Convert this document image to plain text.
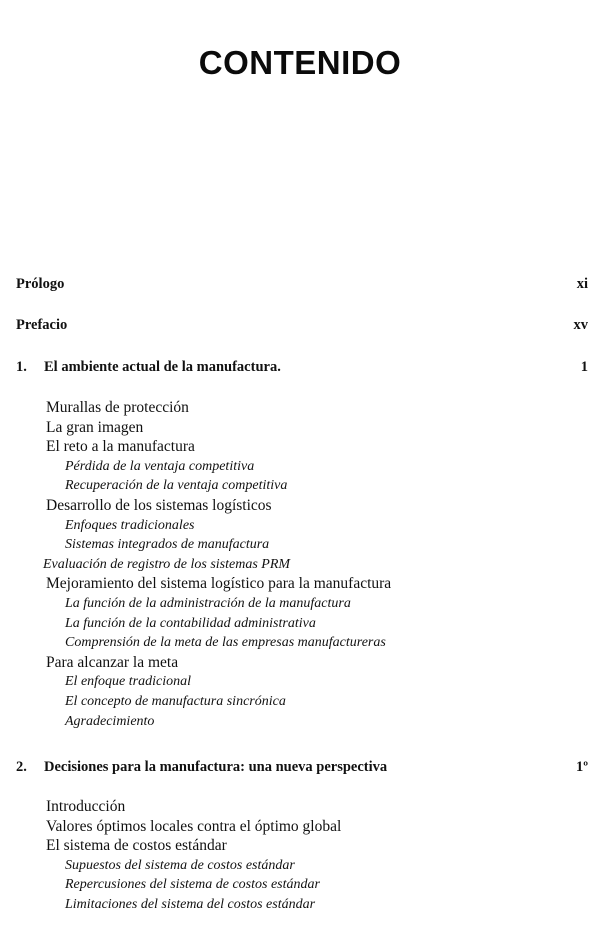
CONTENIDO
Prólogo	xi
Prefacio	xv
1. El ambiente actual de la manufactura.	1
Murallas de protección
La gran imagen
El reto a la manufactura
Pérdida de la ventaja competitiva
Recuperación de la ventaja competitiva
Desarrollo de los sistemas logísticos
Enfoques tradicionales
Sistemas integrados de manufactura
Evaluación de registro de los sistemas PRM
Mejoramiento del sistema logístico para la manufactura
La función de la administración de la manufactura
La función de la contabilidad administrativa
Comprensión de la meta de las empresas manufactureras
Para alcanzar la meta
El enfoque tradicional
El concepto de manufactura sincrónica
Agradecimiento
2. Decisiones para la manufactura: una nueva perspectiva	1º
Introducción
Valores óptimos locales contra el óptimo global
El sistema de costos estándar
Supuestos del sistema de costos estándar
Repercusiones del sistema de costos estándar
Limitaciones del sistema del costos estándar
